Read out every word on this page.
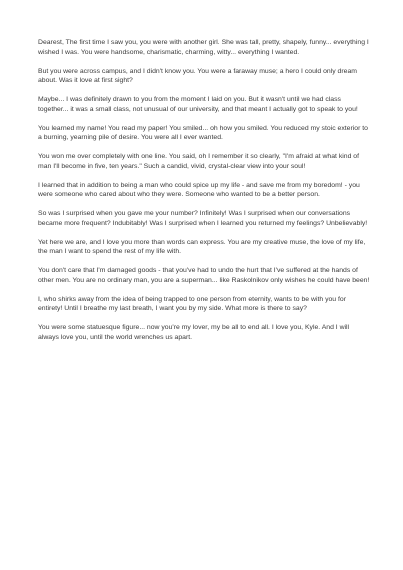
Dearest, The first time I saw you, you were with another girl. She was tall, pretty, shapely, funny... everything I wished I was. You were handsome, charismatic, charming, witty... everything I wanted.

But you were across campus, and I didn't know you. You were a faraway muse; a hero I could only dream about. Was it love at first sight?

Maybe... I was definitely drawn to you from the moment I laid on you. But it wasn't until we had class together... it was a small class, not unusual of our university, and that meant I actually got to speak to you!

You learned my name! You read my paper! You smiled... oh how you smiled. You reduced my stoic exterior to a burning, yearning pile of desire. You were all I ever wanted.

You won me over completely with one line. You said, oh I remember it so clearly, "I'm afraid at what kind of man I'll become in five, ten years." Such a candid, vivid, crystal-clear view into your soul!

I learned that in addition to being a man who could spice up my life - and save me from my boredom! - you were someone who cared about who they were. Someone who wanted to be a better person.

So was I surprised when you gave me your number? Infinitely! Was I surprised when our conversations became more frequent? Indubitably! Was I surprised when I learned you returned my feelings? Unbelievably!

Yet here we are, and I love you more than words can express. You are my creative muse, the love of my life, the man I want to spend the rest of my life with.

You don't care that I'm damaged goods - that you've had to undo the hurt that I've suffered at the hands of other men. You are no ordinary man, you are a superman... like Raskolnikov only wishes he could have been!

I, who shirks away from the idea of being trapped to one person from eternity, wants to be with you for entirety! Until I breathe my last breath, I want you by my side. What more is there to say?

You were some statuesque figure... now you're my lover, my be all to end all. I love you, Kyle. And I will always love you, until the world wrenches us apart.
